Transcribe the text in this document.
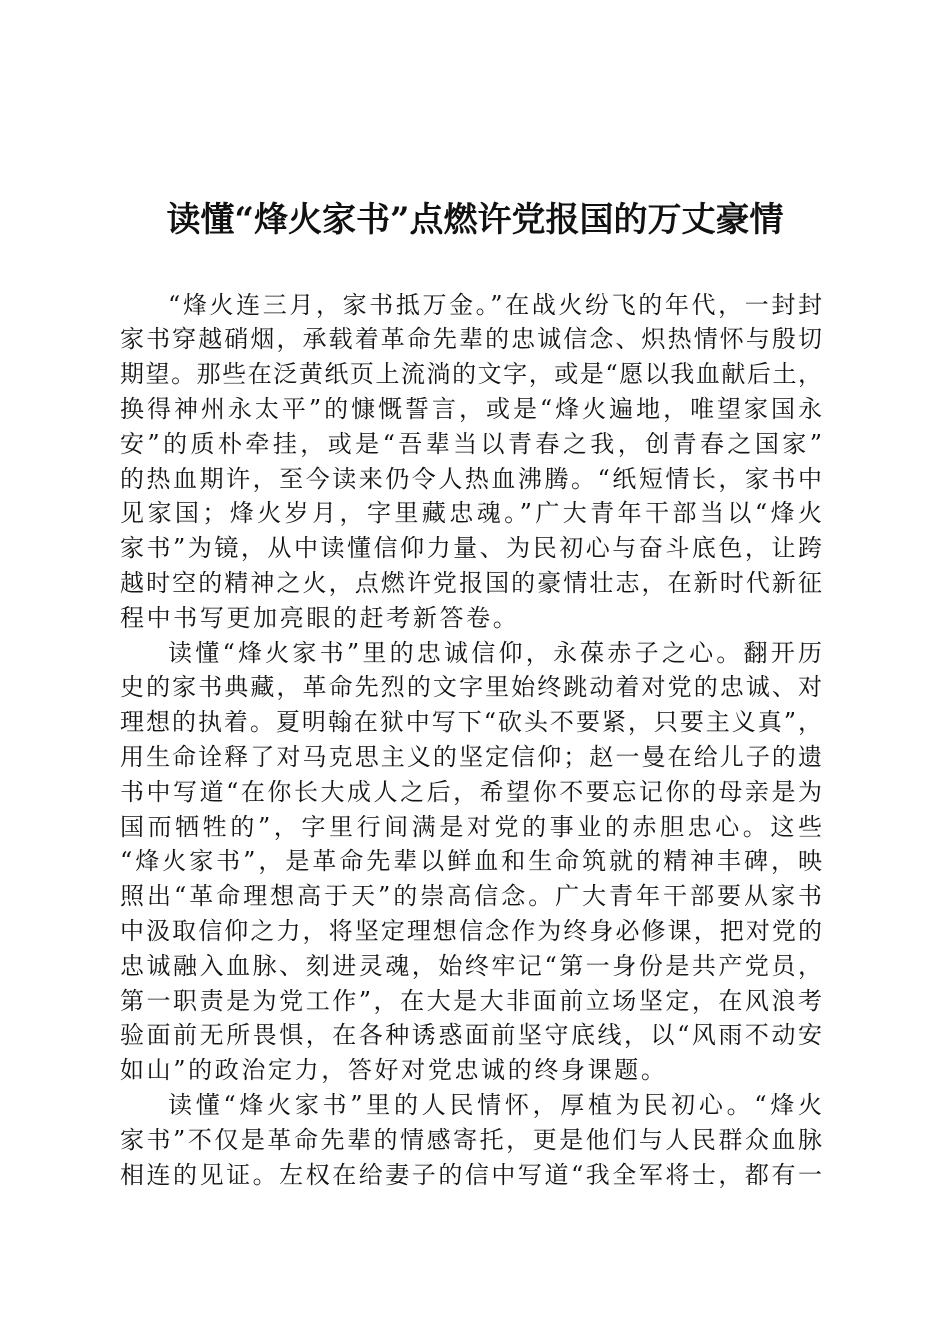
读懂“烽火家书”点燃许党报国的万丈豪情
“烽火连三月，家书抵万金。”在战火纷飞的年代，一封封
家书穿越硝烟，承载着革命先辈的忠诚信念、炽热情怀与殷切
期望。那些在泛黄纸页上流淌的文字，或是“愿以我血献后土，
换得神州永太平”的慷慨誓言，或是“烽火遍地，唯望家国永
安”的质朴牵挂，或是“吾辈当以青春之我，创青春之国家”
的热血期许，至今读来仍令人热血沸腾。“纸短情长，家书中
见家国；烽火岁月，字里藏忠魂。”广大青年干部当以“烽火
家书”为镜，从中读懂信仰力量、为民初心与奋斗底色，让跨
越时空的精神之火，点燃许党报国的豪情壮志，在新时代新征
程中书写更加亮眼的赶考新答卷。
读懂“烽火家书”里的忠诚信仰，永葆赤子之心。翻开历
史的家书典藏，革命先烈的文字里始终跳动着对党的忠诚、对
理想的执着。夏明翰在狱中写下“砍头不要紧，只要主义真”，
用生命诠释了对马克思主义的坚定信仰；赵一曼在给儿子的遗
书中写道“在你长大成人之后，希望你不要忘记你的母亲是为
国而牺牲的”，字里行间满是对党的事业的赤胆忠心。这些
“烽火家书”，是革命先辈以鲜血和生命筑就的精神丰碑，映
照出“革命理想高于天”的崇高信念。广大青年干部要从家书
中汲取信仰之力，将坚定理想信念作为终身必修课，把对党的
忠诚融入血脉、刻进灵魂，始终牢记“第一身份是共产党员，
第一职责是为党工作”，在大是大非面前立场坚定，在风浪考
验面前无所畏惧，在各种诱惑面前坚守底线，以“风雨不动安
如山”的政治定力，答好对党忠诚的终身课题。
读懂“烽火家书”里的人民情怀，厚植为民初心。“烽火
家书”不仅是革命先辈的情感寄托，更是他们与人民群众血脉
相连的见证。左权在给妻子的信中写道“我全军将士，都有一
